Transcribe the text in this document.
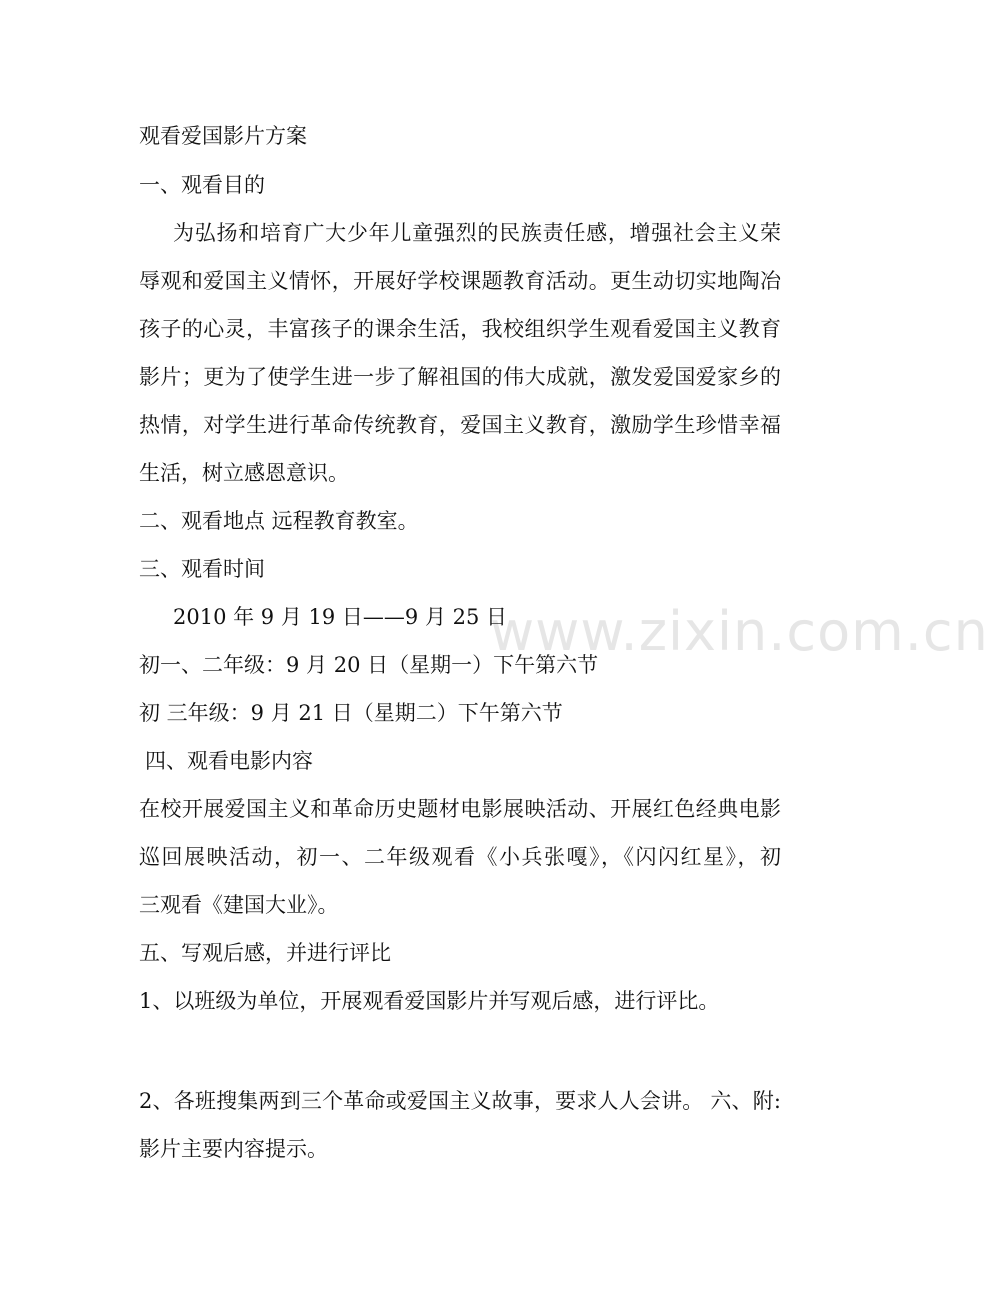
www.zixin.com.cn
观看爱国影片方案
一、观看目的
为弘扬和培育广大少年儿童强烈的民族责任感，增强社会主义荣
辱观和爱国主义情怀，开展好学校课题教育活动。更生动切实地陶冶
孩子的心灵，丰富孩子的课余生活，我校组织学生观看爱国主义教育
影片；更为了使学生进一步了解祖国的伟大成就，激发爱国爱家乡的
热情，对学生进行革命传统教育，爱国主义教育，激励学生珍惜幸福
生活，树立感恩意识。
二、观看地点 远程教育教室。
三、观看时间
2010 年 9 月 19 日——9 月 25 日
初一、二年级：9 月 20 日（星期一）下午第六节
初 三年级：9 月 21 日（星期二）下午第六节
四、观看电影内容
在校开展爱国主义和革命历史题材电影展映活动、开展红色经典电影
巡回展映活动，初一、二年级观看《小兵张嘎》，《闪闪红星》，初
三观看《建国大业》。
五、写观后感，并进行评比
1、以班级为单位，开展观看爱国影片并写观后感，进行评比。
2、各班搜集两到三个革命或爱国主义故事，要求人人会讲。 六、附:
影片主要内容提示。
